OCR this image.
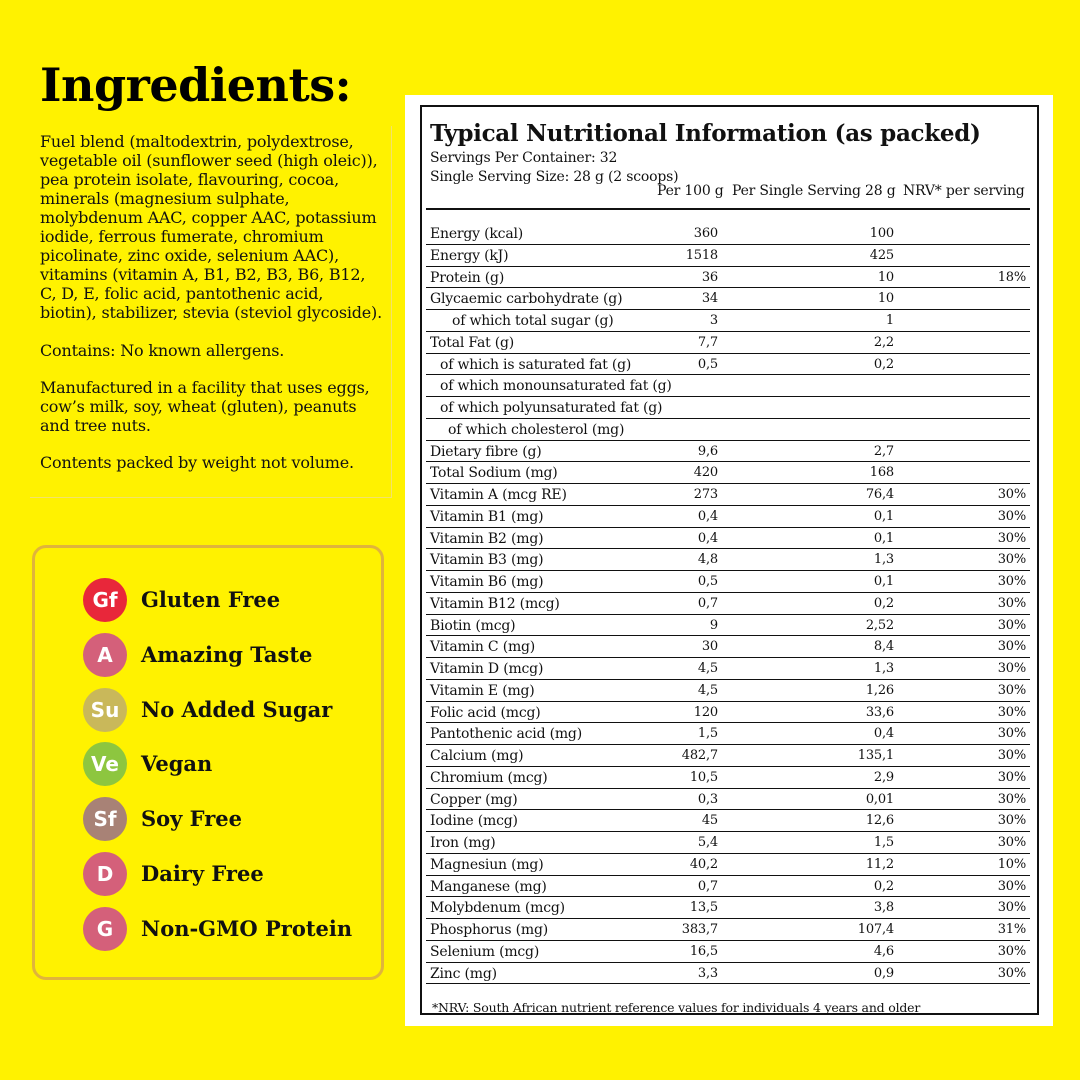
Ingredients:

Fuel blend (maltodextrin, polydextrose, vegetable oil (sunflower seed (high oleic)), pea protein isolate, flavouring, cocoa, minerals (magnesium sulphate, molybdenum AAC, copper AAC, potassium iodide, ferrous fumerate, chromium picolinate, zinc oxide, selenium AAC), vitamins (vitamin A, B1, B2, B3, B6, B12, C, D, E, folic acid, pantothenic acid, biotin), stabilizer, stevia (steviol glycoside).

Contains: No known allergens.

Manufactured in a facility that uses eggs, cow’s milk, soy, wheat (gluten), peanuts and tree nuts.

Contents packed by weight not volume.

Gf	Gluten Free
A	Amazing Taste
Su	No Added Sugar
Ve	Vegan
Sf	Soy Free
D	Dairy Free
G	Non-GMO Protein
Typical Nutritional Information (as packed)
Servings Per Container: 32
Single Serving Size: 28 g (2 scoops)
Per 100 g Per Single Serving 28 g NRV* per serving
Energy (kcal)	360	100
Energy (kJ)	1518	425
Protein (g)	36	10	18%
Glycaemic carbohydrate (g)	34	10
of which total sugar (g)	3	1
Total Fat (g)	7,7	2,2
of which is saturated fat (g)	0,5	0,2
of which monounsaturated fat (g)
of which polyunsaturated fat (g)
of which cholesterol (mg)
Dietary fibre (g)	9,6	2,7
Total Sodium (mg)	420	168
Vitamin A (mcg RE)	273	76,4	30%
Vitamin B1 (mg)	0,4	0,1	30%
Vitamin B2 (mg)	0,4	0,1	30%
Vitamin B3 (mg)	4,8	1,3	30%
Vitamin B6 (mg)	0,5	0,1	30%
Vitamin B12 (mcg)	0,7	0,2	30%
Biotin (mcg)	9	2,52	30%
Vitamin C (mg)	30	8,4	30%
Vitamin D (mcg)	4,5	1,3	30%
Vitamin E (mg)	4,5	1,26	30%
Folic acid (mcg)	120	33,6	30%
Pantothenic acid (mg)	1,5	0,4	30%
Calcium (mg)	482,7	135,1	30%
Chromium (mcg)	10,5	2,9	30%
Copper (mg)	0,3	0,01	30%
Iodine (mcg)	45	12,6	30%
Iron (mg)	5,4	1,5	30%
Magnesiun (mg)	40,2	11,2	10%
Manganese (mg)	0,7	0,2	30%
Molybdenum (mcg)	13,5	3,8	30%
Phosphorus (mg)	383,7	107,4	31%
Selenium (mcg)	16,5	4,6	30%
Zinc (mg)	3,3	0,9	30%
*NRV: South African nutrient reference values for individuals 4 years and older
